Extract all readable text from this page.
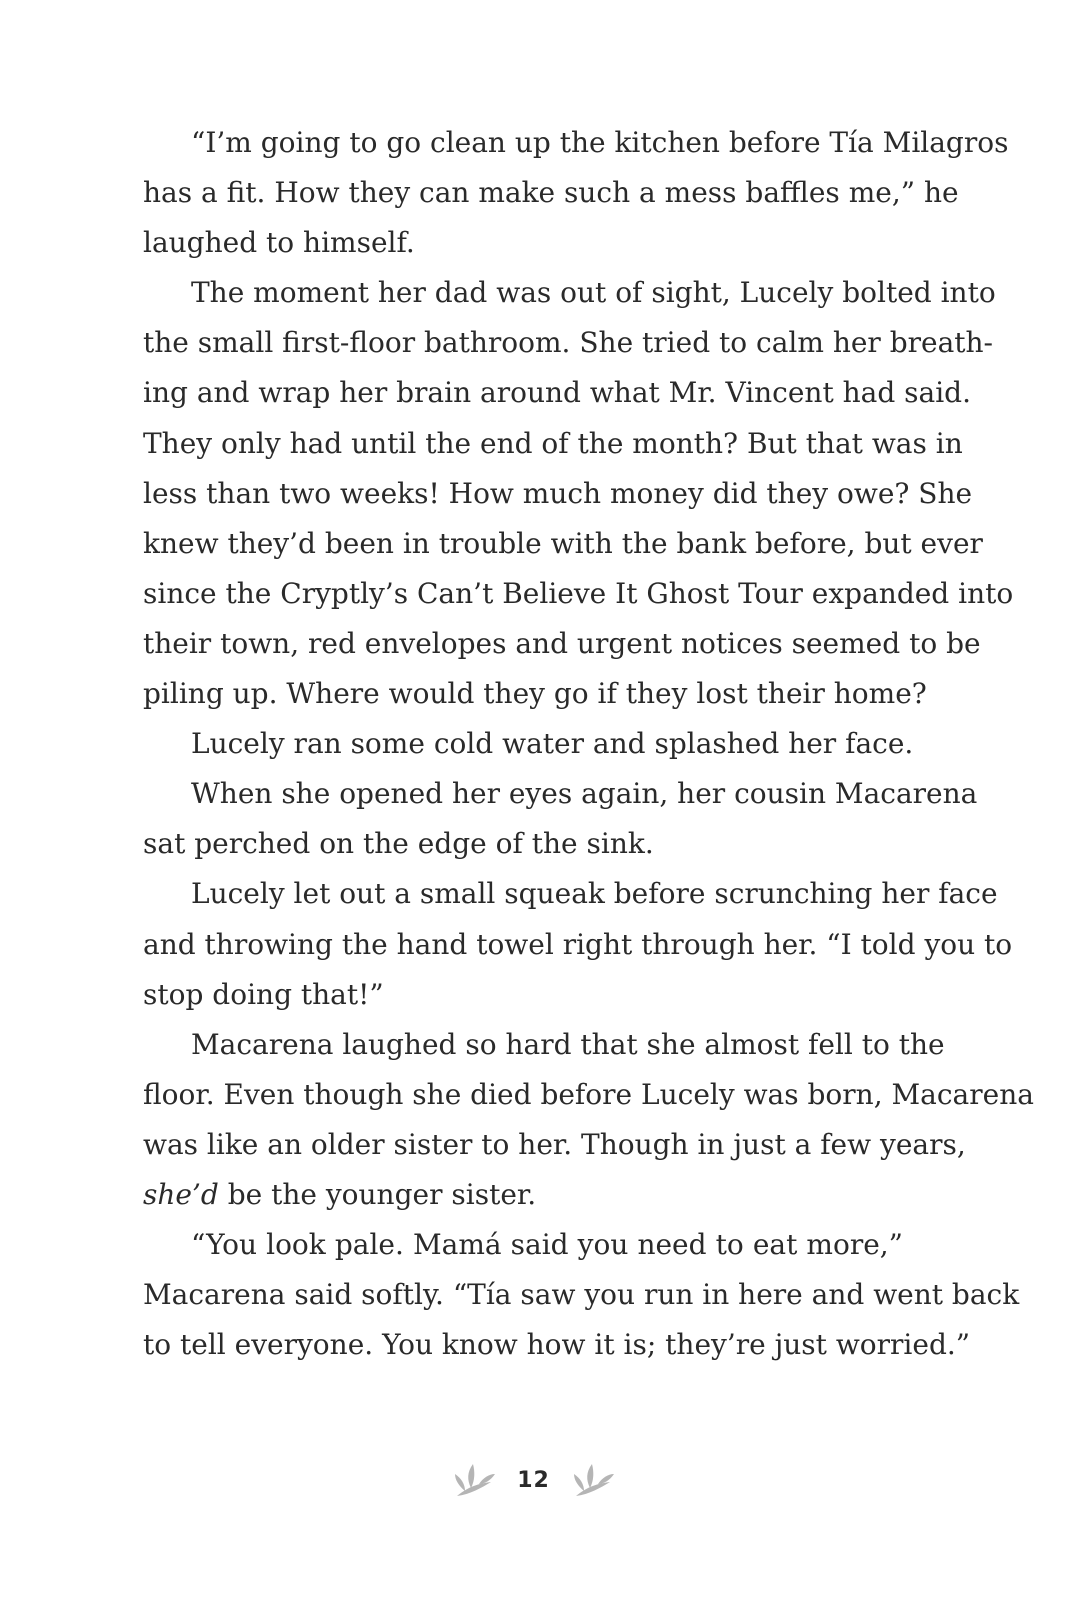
“I’m going to go clean up the kitchen before Tía Milagros
has a fit. How they can make such a mess baffles me,” he
laughed to himself.
The moment her dad was out of sight, Lucely bolted into
the small first-floor bathroom. She tried to calm her breath-
ing and wrap her brain around what Mr. Vincent had said.
They only had until the end of the month? But that was in
less than two weeks! How much money did they owe? She
knew they’d been in trouble with the bank before, but ever
since the Cryptly’s Can’t Believe It Ghost Tour expanded into
their town, red envelopes and urgent notices seemed to be
piling up. Where would they go if they lost their home?
Lucely ran some cold water and splashed her face.
When she opened her eyes again, her cousin Macarena
sat perched on the edge of the sink.
Lucely let out a small squeak before scrunching her face
and throwing the hand towel right through her. “I told you to
stop doing that!”
Macarena laughed so hard that she almost fell to the
floor. Even though she died before Lucely was born, Macarena
was like an older sister to her. Though in just a few years,
she’d be the younger sister.
“You look pale. Mamá said you need to eat more,”
Macarena said softly. “Tía saw you run in here and went back
to tell everyone. You know how it is; they’re just worried.”
12
